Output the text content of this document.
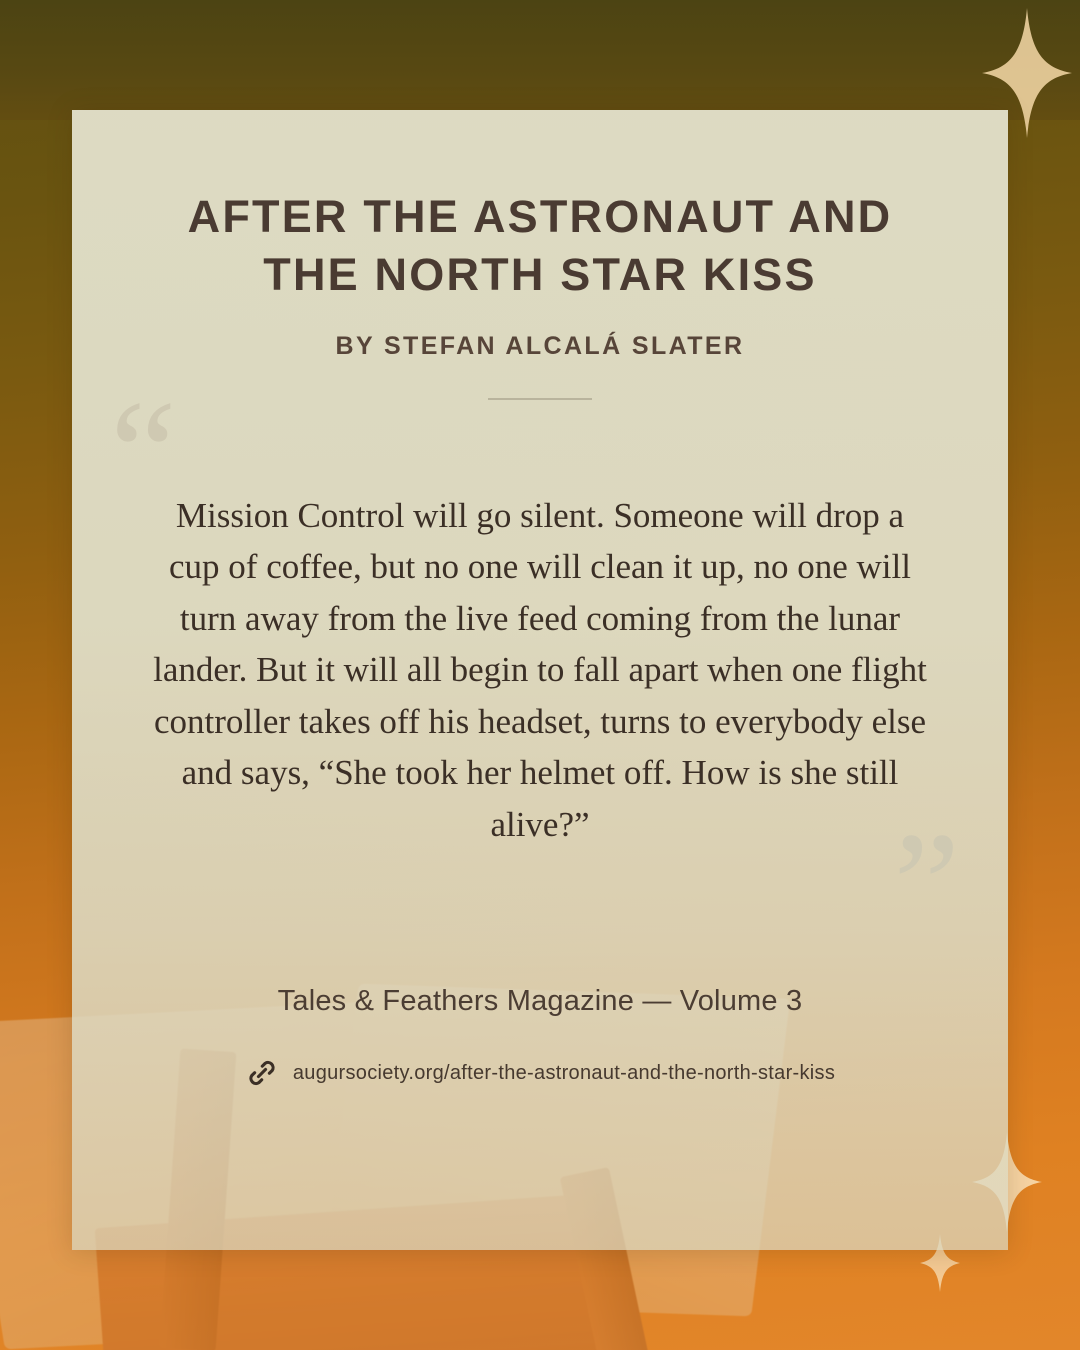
AFTER THE ASTRONAUT AND THE NORTH STAR KISS
BY STEFAN ALCALÁ SLATER
“ Mission Control will go silent. Someone will drop a cup of coffee, but no one will clean it up, no one will turn away from the live feed coming from the lunar lander. But it will all begin to fall apart when one flight controller takes off his headset, turns to everybody else and says, “She took her helmet off. How is she still alive?”	”
Tales & Feathers Magazine — Volume 3
augursociety.org/after-the-astronaut-and-the-north-star-kiss
